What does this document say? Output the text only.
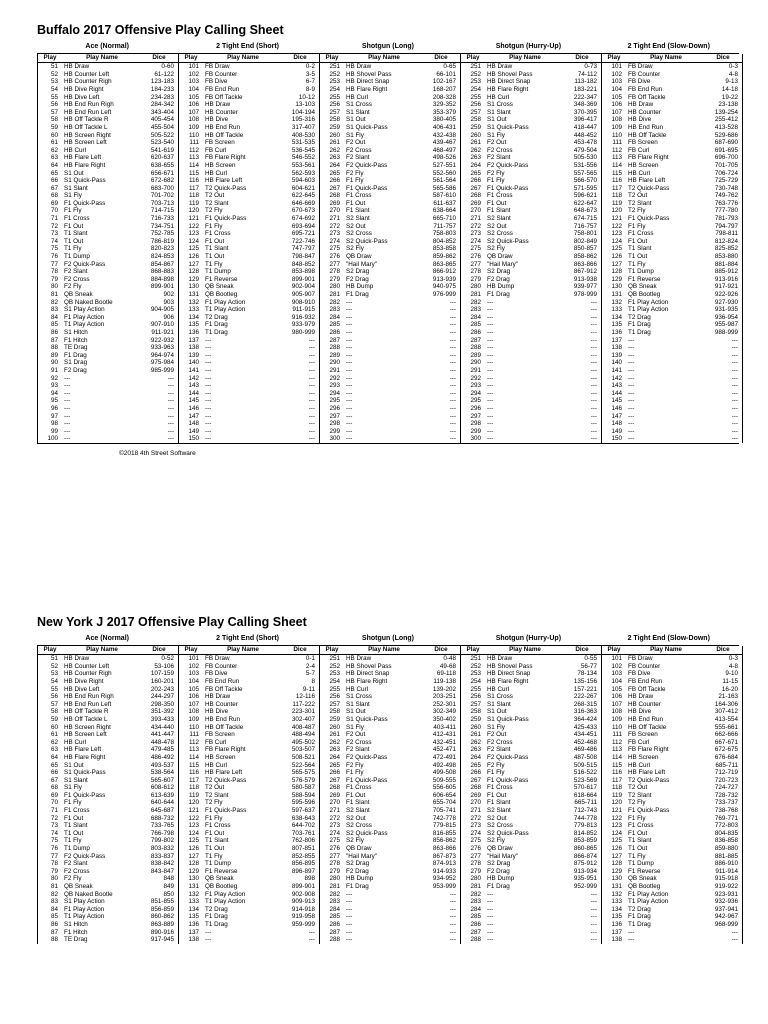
Buffalo 2017 Offensive Play Calling Sheet
Ace (Normal)	2 Tight End (Short)	Shotgun (Long)	Shotgun (Hurry-Up)	2 Tight End (Slow-Down)
Play	Play Name	Dice
51 HB Draw	0-60
52 HB Counter Left	61-122
53 HB Counter Righ	123-183
54 HB Dive Right	184-233
55 HB Dive Left	234-283
56 HB End Run Righ	284-342
57 HB End Run Left	343-404
58 HB Off Tackle R	405-454
59 HB Off Tackle L	455-504
60 HB Screen Right	505-522
61 HB Screen Left	523-540
62 HB Curl	541-619
63 HB Flare Left	620-637
64 HB Flare Right	638-655
65 S1 Out	656-671
66 S1 Quick-Pass	672-682
67 S1 Slant	683-700
68 S1 Fly	701-702
69 F1 Quick-Pass	703-713
70 F1 Fly	714-715
71 F1 Cross	716-733
72 F1 Out	734-751
73 T1 Slant	752-785
74 T1 Out	786-819
75 T1 Fly	820-823
76 T1 Dump	824-853
77 F2 Quick-Pass	854-867
78 F2 Slant	868-883
79 F2 Cross	884-898
80 F2 Fly	899-901
81 QB Sneak	902
82 QB Naked Bootle	903
83 S1 Play Action	904-905
84 F1 Play Action	906
85 T1 Play Action	907-910
86 S1 Hitch	911-921
87 F1 Hitch	922-932
88 TE Drag	933-963
89 F1 Drag	964-974
90 S1 Drag	975-984
91 F2 Drag	985-999
92 ---	---
93 ---	---
94 ---	---
95 ---	---
96 ---	---
97 ---	---
98 ---	---
99 ---	---
100 ---	---
Play	Play Name	Dice
101 FB Draw	0-2
102 FB Counter	3-5
103 FB Dive	6-7
104 FB End Run	8-9
105 FB Off Tackle	10-12
106 HB Draw	13-103
107 HB Counter	104-194
108 HB Dive	195-316
109 HB End Run	317-407
110 HB Off Tackle	408-530
111 FB Screen	531-535
112 FB Curl	536-545
113 FB Flare Right	546-552
114 HB Screen	553-561
115 HB Curl	562-593
116 HB Flare Left	594-603
117 T2 Quick-Pass	604-621
118 T2 Out	622-645
119 T2 Slant	646-669
120 T2 Fly	670-673
121 F1 Quick-Pass	674-692
122 F1 Fly	693-694
123 F1 Cross	695-721
124 F1 Out	722-746
125 T1 Slant	747-797
126 T1 Out	798-847
127 T1 Fly	848-852
128 T1 Dump	853-898
129 F1 Reverse	899-901
130 QB Sneak	902-904
131 QB Bootleg	905-907
132 F1 Play Action	908-910
133 T1 Play Action	911-915
134 T2 Drag	916-932
135 F1 Drag	933-979
136 T1 Drag	980-999
137 ---	---
138 ---	---
139 ---	---
140 ---	---
141 ---	---
142 ---	---
143 ---	---
144 ---	---
145 ---	---
146 ---	---
147 ---	---
148 ---	---
149 ---	---
150 ---	---
Play	Play Name	Dice
251 HB Draw	0-65
252 HB Shovel Pass	66-101
253 HB Direct Snap	102-167
254 HB Flare Right	168-207
255 HB Curl	208-328
256 S1 Cross	329-352
257 S1 Slant	353-379
258 S1 Out	380-405
259 S1 Quick-Pass	406-431
260 S1 Fly	432-438
261 F2 Out	439-467
262 F2 Cross	468-497
263 F2 Slant	498-526
264 F2 Quick-Pass	527-551
265 F2 Fly	552-560
266 F1 Fly	561-564
267 F1 Quick-Pass	565-586
268 F1 Cross	587-610
269 F1 Out	611-637
270 F1 Slant	638-664
271 S2 Slant	665-710
272 S2 Out	711-757
273 S2 Cross	758-803
274 S2 Quick-Pass	804-852
275 S2 Fly	853-858
276 QB Draw	859-862
277 "Hail Mary"	863-865
278 S2 Drag	866-912
279 F2 Drag	913-939
280 HB Dump	940-975
281 F1 Drag	976-999
282 ---	---
283 ---	---
284 ---	---
285 ---	---
286 ---	---
287 ---	---
288 ---	---
289 ---	---
290 ---	---
291 ---	---
292 ---	---
293 ---	---
294 ---	---
295 ---	---
296 ---	---
297 ---	---
298 ---	---
299 ---	---
300 ---	---
Play	Play Name	Dice
251 HB Draw	0-73
252 HB Shovel Pass	74-112
253 HB Direct Snap	113-182
254 HB Flare Right	183-221
255 HB Curl	222-347
256 S1 Cross	348-369
257 S1 Slant	370-395
258 S1 Out	396-417
259 S1 Quick-Pass	418-447
260 S1 Fly	448-452
261 F2 Out	453-478
262 F2 Cross	479-504
263 F2 Slant	505-530
264 F2 Quick-Pass	531-556
265 F2 Fly	557-565
266 F1 Fly	566-570
267 F1 Quick-Pass	571-595
268 F1 Cross	596-621
269 F1 Out	622-647
270 F1 Slant	648-673
271 S2 Slant	674-715
272 S2 Out	716-757
273 S2 Cross	758-801
274 S2 Quick-Pass	802-849
275 S2 Fly	850-857
276 QB Draw	858-862
277 "Hail Mary"	863-866
278 S2 Drag	867-912
279 F2 Drag	913-938
280 HB Dump	939-977
281 F1 Drag	978-999
282 ---	---
283 ---	---
284 ---	---
285 ---	---
286 ---	---
287 ---	---
288 ---	---
289 ---	---
290 ---	---
291 ---	---
292 ---	---
293 ---	---
294 ---	---
295 ---	---
296 ---	---
297 ---	---
298 ---	---
299 ---	---
300 ---	---
Play	Play Name	Dice
101 FB Draw	0-3
102 FB Counter	4-8
103 FB Dive	9-13
104 FB End Run	14-18
105 FB Off Tackle	19-22
106 HB Draw	23-138
107 HB Counter	139-254
108 HB Dive	255-412
109 HB End Run	413-528
110 HB Off Tackle	529-686
111 FB Screen	687-690
112 FB Curl	691-695
113 FB Flare Right	696-700
114 HB Screen	701-705
115 HB Curl	706-724
116 HB Flare Left	725-729
117 T2 Quick-Pass	730-748
118 T2 Out	749-762
119 T2 Slant	763-776
120 T2 Fly	777-780
121 F1 Quick-Pass	781-793
122 F1 Fly	794-797
123 F1 Cross	798-811
124 F1 Out	812-824
125 T1 Slant	825-852
126 T1 Out	853-880
127 T1 Fly	881-884
128 T1 Dump	885-912
129 F1 Reverse	913-916
130 QB Sneak	917-921
131 QB Bootleg	922-926
132 F1 Play Action	927-930
133 T1 Play Action	931-935
134 T2 Drag	936-954
135 F1 Drag	955-987
136 T1 Drag	988-999
137 ---	---
138 ---	---
139 ---	---
140 ---	---
141 ---	---
142 ---	---
143 ---	---
144 ---	---
145 ---	---
146 ---	---
147 ---	---
148 ---	---
149 ---	---
150 ---	---
©2018 4th Street Software
New York J 2017 Offensive Play Calling Sheet
Ace (Normal)	2 Tight End (Short)	Shotgun (Long)	Shotgun (Hurry-Up)	2 Tight End (Slow-Down)
Play	Play Name	Dice
51 HB Draw	0-52
52 HB Counter Left	53-106
53 HB Counter Righ	107-159
54 HB Dive Right	160-201
55 HB Dive Left	202-243
56 HB End Run Righ	244-297
57 HB End Run Left	298-350
58 HB Off Tackle R	351-392
59 HB Off Tackle L	393-433
60 HB Screen Right	434-440
61 HB Screen Left	441-447
62 HB Curl	448-478
63 HB Flare Left	479-485
64 HB Flare Right	486-492
65 S1 Out	493-537
66 S1 Quick-Pass	538-564
67 S1 Slant	565-607
68 S1 Fly	608-612
69 F1 Quick-Pass	613-639
70 F1 Fly	640-644
71 F1 Cross	645-687
72 F1 Out	688-732
73 T1 Slant	733-765
74 T1 Out	766-798
75 T1 Fly	799-802
76 T1 Dump	803-832
77 F2 Quick-Pass	833-837
78 F2 Slant	838-842
79 F2 Cross	843-847
80 F2 Fly	848
81 QB Sneak	849
82 QB Naked Bootle	850
83 S1 Play Action	851-855
84 F1 Play Action	856-859
85 T1 Play Action	860-862
86 S1 Hitch	863-889
87 F1 Hitch	890-916
88 TE Drag	917-945
Play	Play Name	Dice
101 FB Draw	0-1
102 FB Counter	2-4
103 FB Dive	5-7
104 FB End Run	8
105 FB Off Tackle	9-11
106 HB Draw	12-116
107 HB Counter	117-222
108 HB Dive	223-301
109 HB End Run	302-407
110 HB Off Tackle	408-487
111 FB Screen	488-494
112 FB Curl	495-502
113 FB Flare Right	503-507
114 HB Screen	508-521
115 HB Curl	522-564
116 HB Flare Left	565-575
117 T2 Quick-Pass	576-579
118 T2 Out	580-587
119 T2 Slant	588-594
120 T2 Fly	595-596
121 F1 Quick-Pass	597-637
122 F1 Fly	638-643
123 F1 Cross	644-702
124 F1 Out	703-761
125 T1 Slant	762-806
126 T1 Out	807-851
127 T1 Fly	852-855
128 T1 Dump	856-895
129 F1 Reverse	896-897
130 QB Sneak	898
131 QB Bootleg	899-901
132 F1 Play Action	902-908
133 T1 Play Action	909-913
134 T2 Drag	914-918
135 F1 Drag	919-958
136 T1 Drag	959-999
137 ---	---
138 ---	---
Play	Play Name	Dice
251 HB Draw	0-48
252 HB Shovel Pass	49-68
253 HB Direct Snap	69-118
254 HB Flare Right	119-138
255 HB Curl	139-202
256 S1 Cross	203-251
257 S1 Slant	252-301
258 S1 Out	302-349
259 S1 Quick-Pass	350-402
260 S1 Fly	403-411
261 F2 Out	412-431
262 F2 Cross	432-451
263 F2 Slant	452-471
264 F2 Quick-Pass	472-491
265 F2 Fly	492-498
266 F1 Fly	499-508
267 F1 Quick-Pass	509-555
268 F1 Cross	556-605
269 F1 Out	606-654
270 F1 Slant	655-704
271 S2 Slant	705-741
272 S2 Out	742-778
273 S2 Cross	779-815
274 S2 Quick-Pass	816-855
275 S2 Fly	856-862
276 QB Draw	863-866
277 "Hail Mary"	867-873
278 S2 Drag	874-913
279 F2 Drag	914-933
280 HB Dump	934-952
281 F1 Drag	953-999
282 ---	---
283 ---	---
284 ---	---
285 ---	---
286 ---	---
287 ---	---
288 ---	---
Play	Play Name	Dice
251 HB Draw	0-55
252 HB Shovel Pass	56-77
253 HB Direct Snap	78-134
254 HB Flare Right	135-156
255 HB Curl	157-221
256 S1 Cross	222-267
257 S1 Slant	268-315
258 S1 Out	316-363
259 S1 Quick-Pass	364-424
260 S1 Fly	425-433
261 F2 Out	434-451
262 F2 Cross	452-468
263 F2 Slant	469-486
264 F2 Quick-Pass	487-508
265 F2 Fly	509-515
266 F1 Fly	516-522
267 F1 Quick-Pass	523-569
268 F1 Cross	570-617
269 F1 Out	618-664
270 F1 Slant	665-711
271 S2 Slant	712-743
272 S2 Out	744-778
273 S2 Cross	779-813
274 S2 Quick-Pass	814-852
275 S2 Fly	853-859
276 QB Draw	860-865
277 "Hail Mary"	866-874
278 S2 Drag	875-912
279 F2 Drag	913-934
280 HB Dump	935-951
281 F1 Drag	952-999
282 ---	---
283 ---	---
284 ---	---
285 ---	---
286 ---	---
287 ---	---
288 ---	---
Play	Play Name	Dice
101 FB Draw	0-3
102 FB Counter	4-8
103 FB Dive	9-10
104 FB End Run	11-15
105 FB Off Tackle	16-20
106 HB Draw	21-163
107 HB Counter	164-306
108 HB Dive	307-412
109 HB End Run	413-554
110 HB Off Tackle	555-661
111 FB Screen	662-666
112 FB Curl	667-671
113 FB Flare Right	672-675
114 HB Screen	676-684
115 HB Curl	685-711
116 HB Flare Left	712-719
117 T2 Quick-Pass	720-723
118 T2 Out	724-727
119 T2 Slant	728-732
120 T2 Fly	733-737
121 F1 Quick-Pass	738-768
122 F1 Fly	769-771
123 F1 Cross	772-803
124 F1 Out	804-835
125 T1 Slant	836-858
126 T1 Out	859-880
127 T1 Fly	881-885
128 T1 Dump	886-910
129 F1 Reverse	911-914
130 QB Sneak	915-918
131 QB Bootleg	919-922
132 F1 Play Action	923-931
133 T1 Play Action	932-936
134 T2 Drag	937-941
135 F1 Drag	942-967
136 T1 Drag	968-999
137 ---	---
138 ---	---
